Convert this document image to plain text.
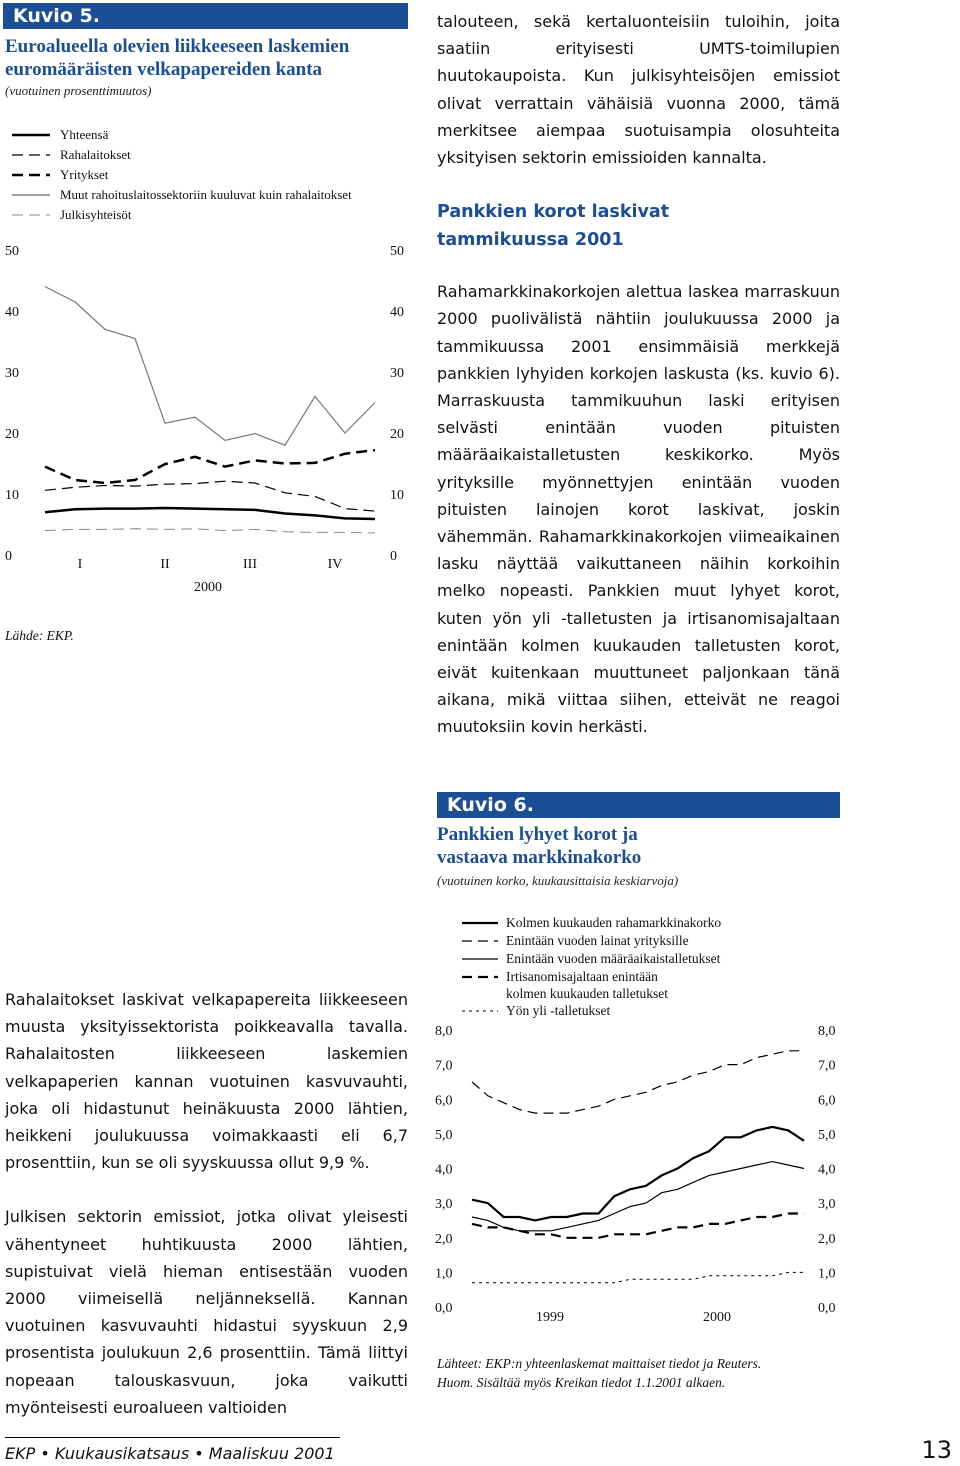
Kuvio 5.
Euroalueella olevien liikkeeseen laskemien
euromääräisten velkapapereiden kanta
(vuotuinen prosenttimuutos)
Yhteensä
Rahalaitokset
Yritykset
Muut rahoituslaitossektoriin kuuluvat kuin rahalaitokset
Julkisyhteisöt
50	50
40	40
30	30
20	20
10	10
0	0
I	II	III	IV
2000
Lähde: EKP.

talouteen, sekä kertaluonteisiin tuloihin, joita saatiin erityisesti UMTS-toimilupien huutokaupoista. Kun julkisyhteisöjen emissiot olivat verrattain vähäisiä vuonna 2000, tämä merkitsee aiempaa suotuisampia olosuhteita yksityisen sektorin emissioiden kannalta.

Pankkien korot laskivat
tammikuussa 2001

Rahamarkkinakorkojen alettua laskea marraskuun 2000 puolivälistä nähtiin joulukuussa 2000 ja tammikuussa 2001 ensimmäisiä merkkejä pankkien lyhyiden korkojen laskusta (ks. kuvio 6). Marraskuusta tammikuuhun laski erityisen selvästi enintään vuoden pituisten määräaikaistalletusten keskikorko. Myös yrityksille myönnettyjen enintään vuoden pituisten lainojen korot laskivat, joskin vähemmän. Rahamarkkinakorkojen viimeaikainen lasku näyttää vaikuttaneen näihin korkoihin melko nopeasti. Pankkien muut lyhyet korot, kuten yön yli -talletusten ja irtisanomisajaltaan enintään kolmen kuukauden talletusten korot, eivät kuitenkaan muuttuneet paljonkaan tänä aikana, mikä viittaa siihen, etteivät ne reagoi muutoksiin kovin herkästi.

Kuvio 6.
Pankkien lyhyet korot ja
vastaava markkinakorko
(vuotuinen korko, kuukausittaisia keskiarvoja)
Kolmen kuukauden rahamarkkinakorko
Enintään vuoden lainat yrityksille
Enintään vuoden määräaikaistalletukset
Irtisanomisajaltaan enintään
kolmen kuukauden talletukset
Yön yli -talletukset
8,0	8,0
7,0	7,0
6,0	6,0
5,0	5,0
4,0	4,0
3,0	3,0
2,0	2,0
1,0	1,0
0,0	0,0
1999	2000
Lähteet: EKP:n yhteenlaskemat maittaiset tiedot ja Reuters.
Huom. Sisältää myös Kreikan tiedot 1.1.2001 alkaen.

Rahalaitokset laskivat velkapapereita liikkeeseen muusta yksityissektorista poikkeavalla tavalla. Rahalaitosten liikkeeseen laskemien velkapaperien kannan vuotuinen kasvuvauhti, joka oli hidastunut heinäkuusta 2000 lähtien, heikkeni joulukuussa voimakkaasti eli 6,7 prosenttiin, kun se oli syyskuussa ollut 9,9 %.

Julkisen sektorin emissiot, jotka olivat yleisesti vähentyneet huhtikuusta 2000 lähtien, supistuivat vielä hieman entisestään vuoden 2000 viimeisellä neljänneksellä. Kannan vuotuinen kasvuvauhti hidastui syyskuun 2,9 prosentista joulukuun 2,6 prosenttiin. Tämä liittyi nopeaan talouskasvuun, joka vaikutti myönteisesti euroalueen valtioiden

EKP • Kuukausikatsaus • Maaliskuu 2001	13
